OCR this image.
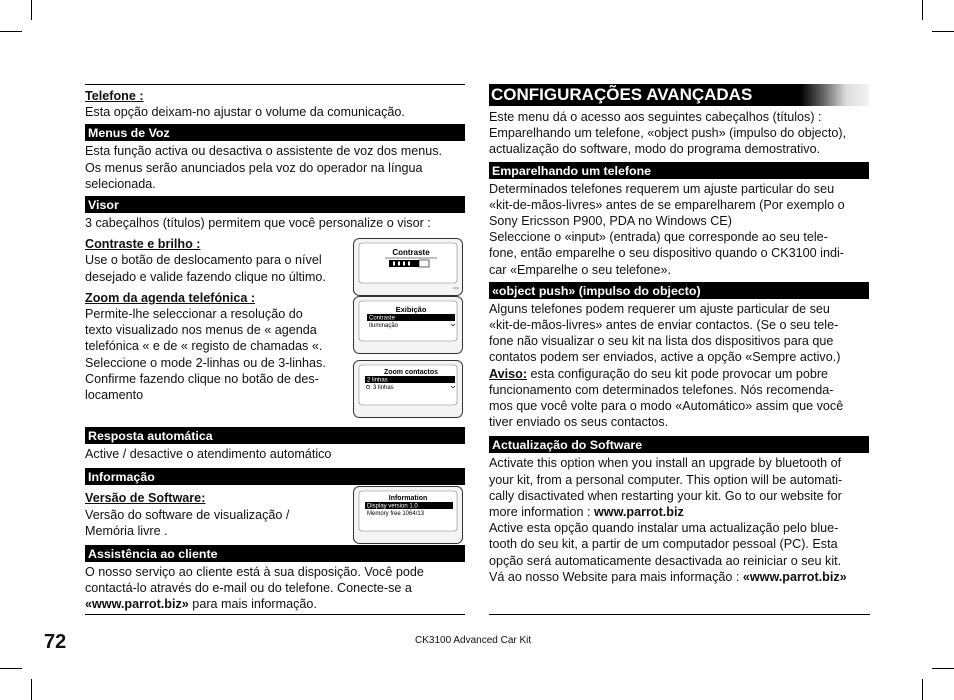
Telefone :

Esta opção deixam-no ajustar o volume da comunicação.

Menus de Voz

Esta função activa ou desactiva o assistente de voz dos menus.

Os menus serão anunciados pela voz do operador na língua

selecionada.

Visor

3 cabeçalhos (títulos) permitem que você personalize o visor :

Contraste e brilho :

Use o botão de deslocamento para o nível

desejado e valide fazendo clique no último.

Zoom da agenda telefónica :

Permite-lhe seleccionar a resolução do

texto visualizado nos menus de « agenda

telefónica « e de « registo de chamadas «.

Seleccione o mode 2-linhas ou de 3-linhas.

Confirme fazendo clique no botão de des-

locamento

Resposta automática

Active / desactive o atendimento automático

Informação
Versão de Software:

Versão do software de visualização /

Memória livre .

Assistência ao cliente

O nosso serviço ao cliente está à sua disposição. Você pode

contactá-lo através do e-mail ou do telefone. Conecte-se a

«www.parrot.biz» para mais informação.

CONFIGURAÇÕES AVANÇADAS

Este menu dá o acesso aos seguintes cabeçalhos (títulos) :

Emparelhando um telefone, «object push» (impulso do objecto),

actualização do software, modo do programa demostrativo.

Emparelhando um telefone

Determinados telefones requerem um ajuste particular do seu

«kit-de-mãos-livres» antes de se emparelharem (Por exemplo o

Sony Ericsson P900, PDA no Windows CE)

Seleccione o «input» (entrada) que corresponde ao seu tele-

fone, então emparelhe o seu dispositivo quando o CK3100 indi-

car «Emparelhe o seu telefone».

«object push» (impulso do objecto)

Alguns telefones podem requerer um ajuste particular de seu

«kit-de-mãos-livres» antes de enviar contactos. (Se o seu tele-

fone não visualizar o seu kit na lista dos dispositivos para que

contatos podem ser enviados, active a opção «Sempre activo.)

Aviso: esta configuração do seu kit pode provocar um pobre

funcionamento com determinados telefones. Nós recomenda-

mos que você volte para o modo «Automático» assim que você

tiver enviado os seus contactos.

Actualização do Software

Activate this option when you install an upgrade by bluetooth of

your kit, from a personal computer. This option will be automati-

cally disactivated when restarting your kit. Go to our website for

more information : www.parrot.biz

Active esta opção quando instalar uma actualização pelo blue-

tooth do seu kit, a partir de um computador pessoal (PC). Esta

opção será automaticamente desactivada ao reiniciar o seu kit.

Vá ao nosso Website para mais informação : «www.parrot.biz»

Contraste
Exibição
Contraste
Iluminação
Zoom contactos
2 linhas
3 linhas
Information
Display version 1.0
Memory free 1064/13
72	CK3100 Advanced Car Kit
